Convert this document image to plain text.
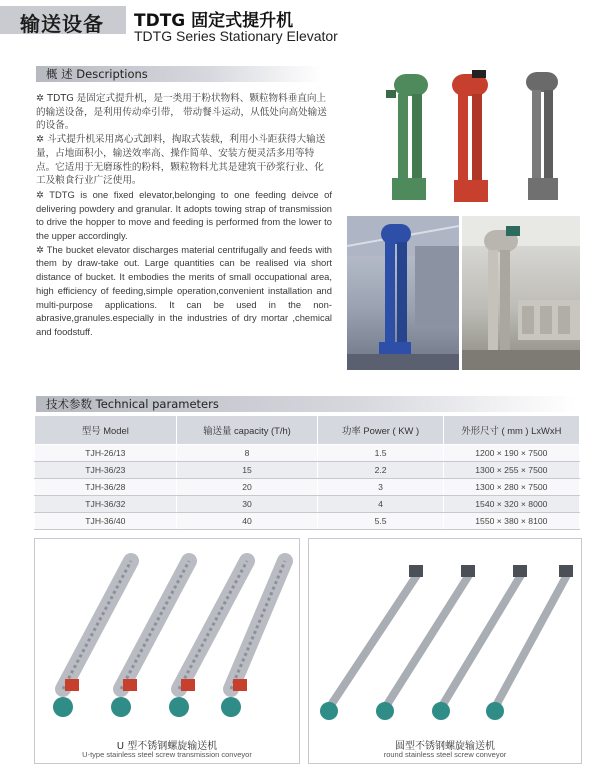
输送设备 TDTG 固定式提升机
TDTG Series Stationary Elevator
概 述 Descriptions

✲ TDTG 是固定式提升机，是一类用于粉状物料、颗粒物料垂直向上的输送设备，是利用传动牵引带， 带动餐斗运动，从低处向高处输送的设备。

✲ 斗式提升机采用离心式卸料，掏取式装载，利用小斗距获得大输送量，占地面积小，输送效率高、操作简单、安装方便灵活多用等特点。它适用于无磨琢性的粉料，颗粒物料尤其是建筑干砂浆行业、化工及粮食行业广泛使用。

✲ TDTG is one fixed elevator,belonging to one feeding deivce of delivering powdery and granular. It adopts towing strap of transmission to drive the hopper to move and feeding is performed from the lower to the upper accordingly.

✲ The bucket elevator discharges material centrifugally and feeds with them by draw-take out. Large quantities can be realised via short distance of bucket. It embodies the merits of small occupational area, high efficiency of feeding,simple operation,convenient installation and multi-purpose applications. It can be used in the non-abrasive,granules.especially in the industries of dry mortar ,chemical and foodstuff.

技术参数 Technical parameters
型号 Model	输送量 capacity (T/h)	功率 Power ( KW )	外形尺寸 ( mm ) LxWxH
TJH-26/13	8	1.5	1200 × 190 × 7500
TJH-36/23	15	2.2	1300 × 255 × 7500
TJH-36/28	20	3	1300 × 280 × 7500
TJH-36/32	30	4	1540 × 320 × 8000
TJH-36/40	40	5.5	1550 × 380 × 8100
U 型不锈钢螺旋输送机
U-type stainless steel screw transmission conveyor
圆型不锈钢螺旋输送机
round stainless steel screw conveyor
